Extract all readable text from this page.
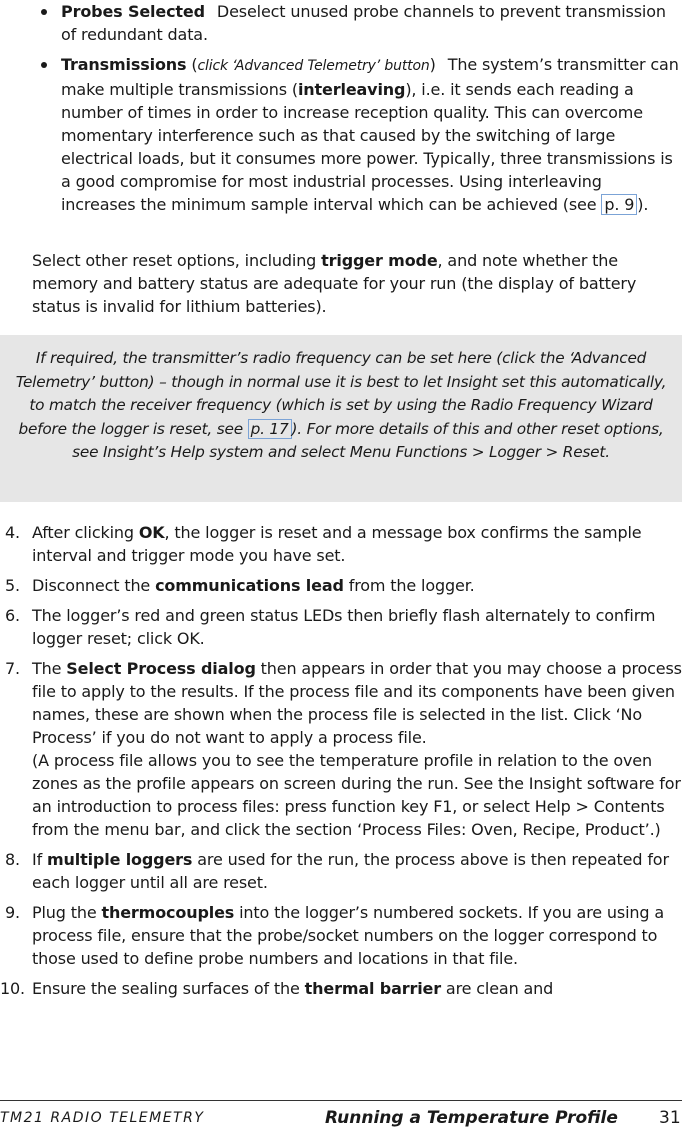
Probes Selected Deselect unused probe channels to prevent transmission of redundant data.
Transmissions (click ‘Advanced Telemetry’ button) The system’s transmitter can make multiple transmissions (interleaving), i.e. it sends each reading a number of times in order to increase reception quality. This can overcome momentary interference such as that caused by the switching of large electrical loads, but it consumes more power. Typically, three transmissions is a good compromise for most industrial processes. Using interleaving increases the minimum sample interval which can be achieved (see p. 9 ).

Select other reset options, including trigger mode, and note whether the memory and battery status are adequate for your run (the display of battery status is invalid for lithium batteries).

If required, the transmitter’s radio frequency can be set here (click the ‘Advanced Telemetry’ button) – though in normal use it is best to let Insight set this automatically, to match the receiver frequency (which is set by using the Radio Frequency Wizard before the logger is reset, see p. 17 ). For more details of this and other reset options, see Insight’s Help system and select Menu Functions > Logger > Reset.
4. After clicking OK, the logger is reset and a message box confirms the sample interval and trigger mode you have set.
5. Disconnect the communications lead from the logger.
6. The logger’s red and green status LEDs then briefly flash alternately to confirm logger reset; click OK.
7. The Select Process dialog then appears in order that you may choose a process file to apply to the results. If the process file and its components have been given names, these are shown when the process file is selected in the list. Click ‘No Process’ if you do not want to apply a process file.
(A process file allows you to see the temperature profile in relation to the oven zones as the profile appears on screen during the run. See the Insight software for an introduction to process files: press function key F1, or select Help > Contents from the menu bar, and click the section ‘Process Files: Oven, Recipe, Product’.)
8. If multiple loggers are used for the run, the process above is then repeated for each logger until all are reset.
9. Plug the thermocouples into the logger’s numbered sockets. If you are using a process file, ensure that the probe/socket numbers on the logger correspond to those used to define probe numbers and locations in that file.
10. Ensure the sealing surfaces of the thermal barrier are clean and
TM21 RADIO TELEMETRY	Running a Temperature Profile 31
